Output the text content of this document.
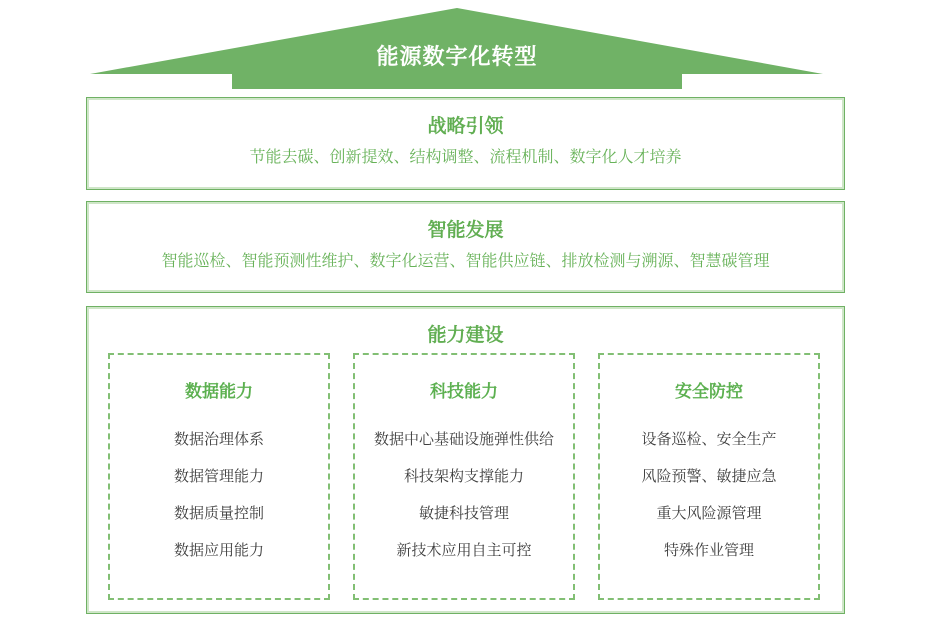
能源数字化转型
战略引领
节能去碳、创新提效、结构调整、流程机制、数字化人才培养
智能发展
智能巡检、智能预测性维护、数字化运营、智能供应链、排放检测与溯源、智慧碳管理
能力建设
数据能力
数据治理体系
数据管理能力
数据质量控制
数据应用能力
科技能力
数据中心基础设施弹性供给
科技架构支撑能力
敏捷科技管理
新技术应用自主可控
安全防控
设备巡检、安全生产
风险预警、敏捷应急
重大风险源管理
特殊作业管理
